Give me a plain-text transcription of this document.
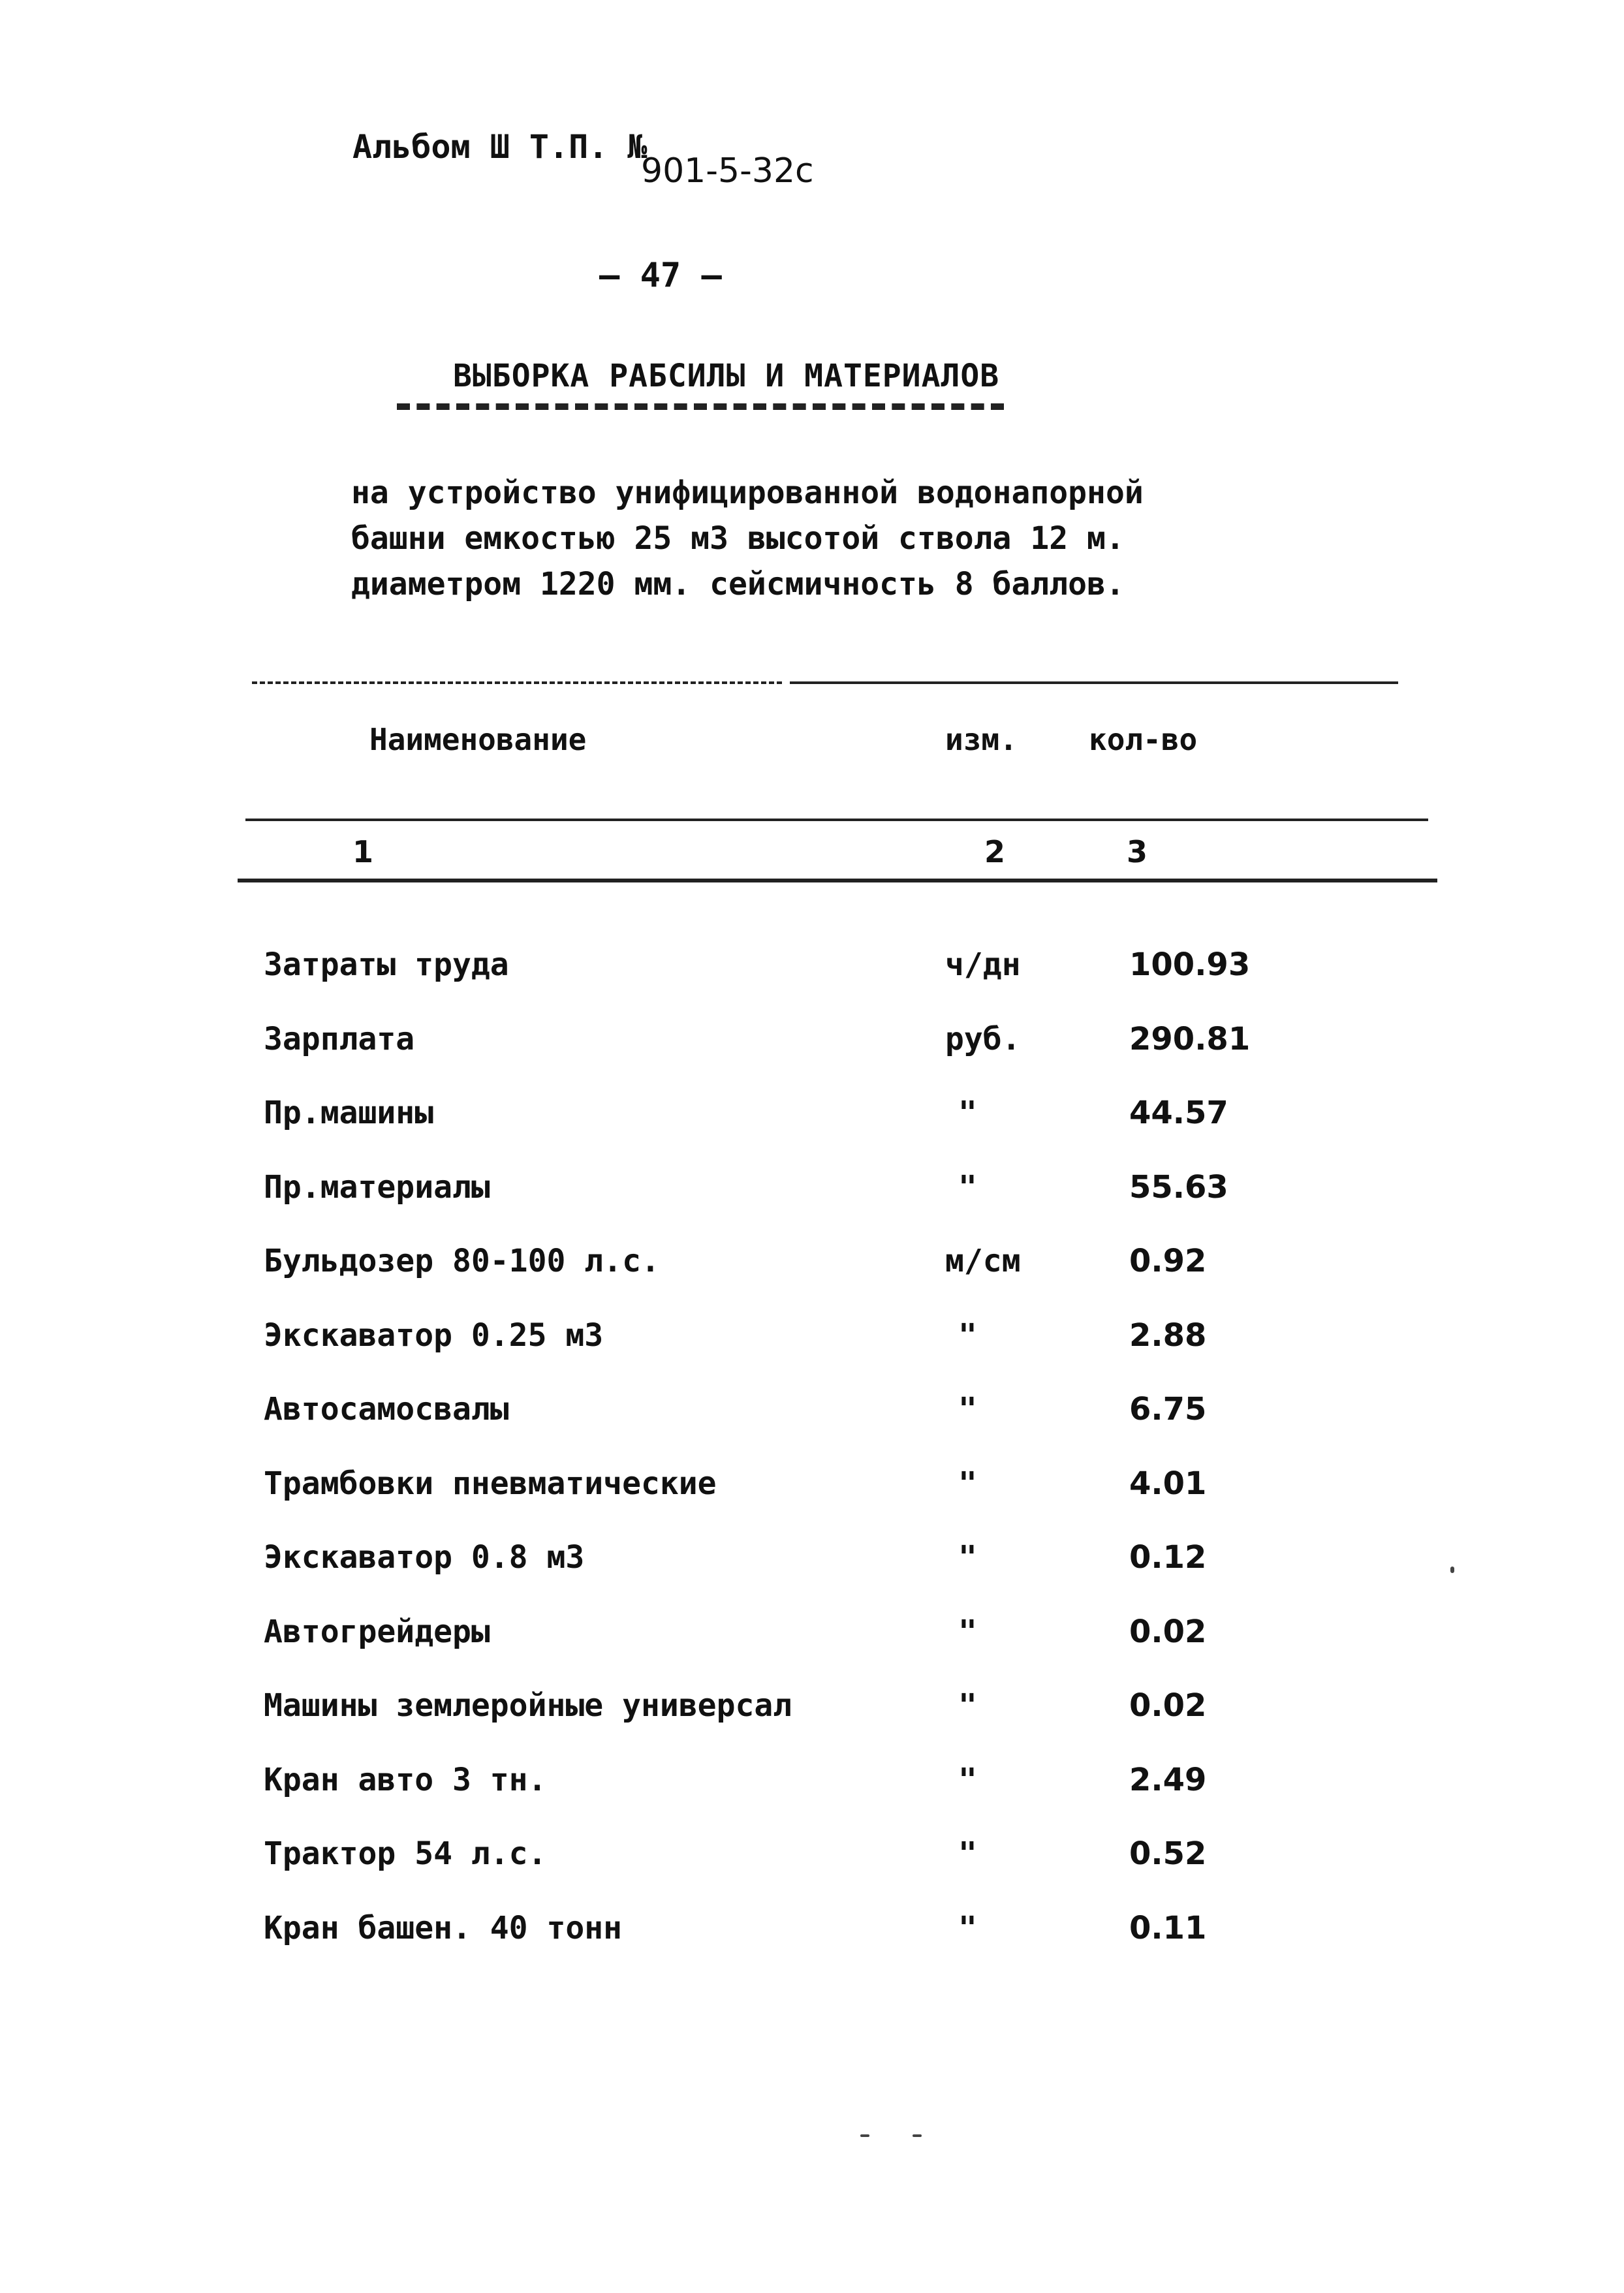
Альбом Ш Т.П. №
901-5-32с
– 47 –
ВЫБОРКА РАБСИЛЫ И МАТЕРИАЛОВ
на устройство унифицированной водонапорной
башни емкостью 25 м3 высотой ствола 12 м.
диаметром 1220 мм. сейсмичность 8 баллов.
Наименование	изм. кол-во
1	2	3
Затраты труда	ч/дн	100.93
Зарплата	руб.	290.81
Пр.машины	"	44.57
Пр.материалы	"	55.63
Бульдозер 80-100 л.с.	м/см	0.92
Экскаватор 0.25 м3	"	2.88
Автосамосвалы	"	6.75
Трамбовки пневматические	"	4.01
Экскаватор 0.8 м3	"	0.12
Автогрейдеры	"	0.02
Машины землеройные универсал	"	0.02
Кран авто 3 тн.	"	2.49
Трактор 54 л.с.	"	0.52
Кран башен. 40 тонн	"	0.11
